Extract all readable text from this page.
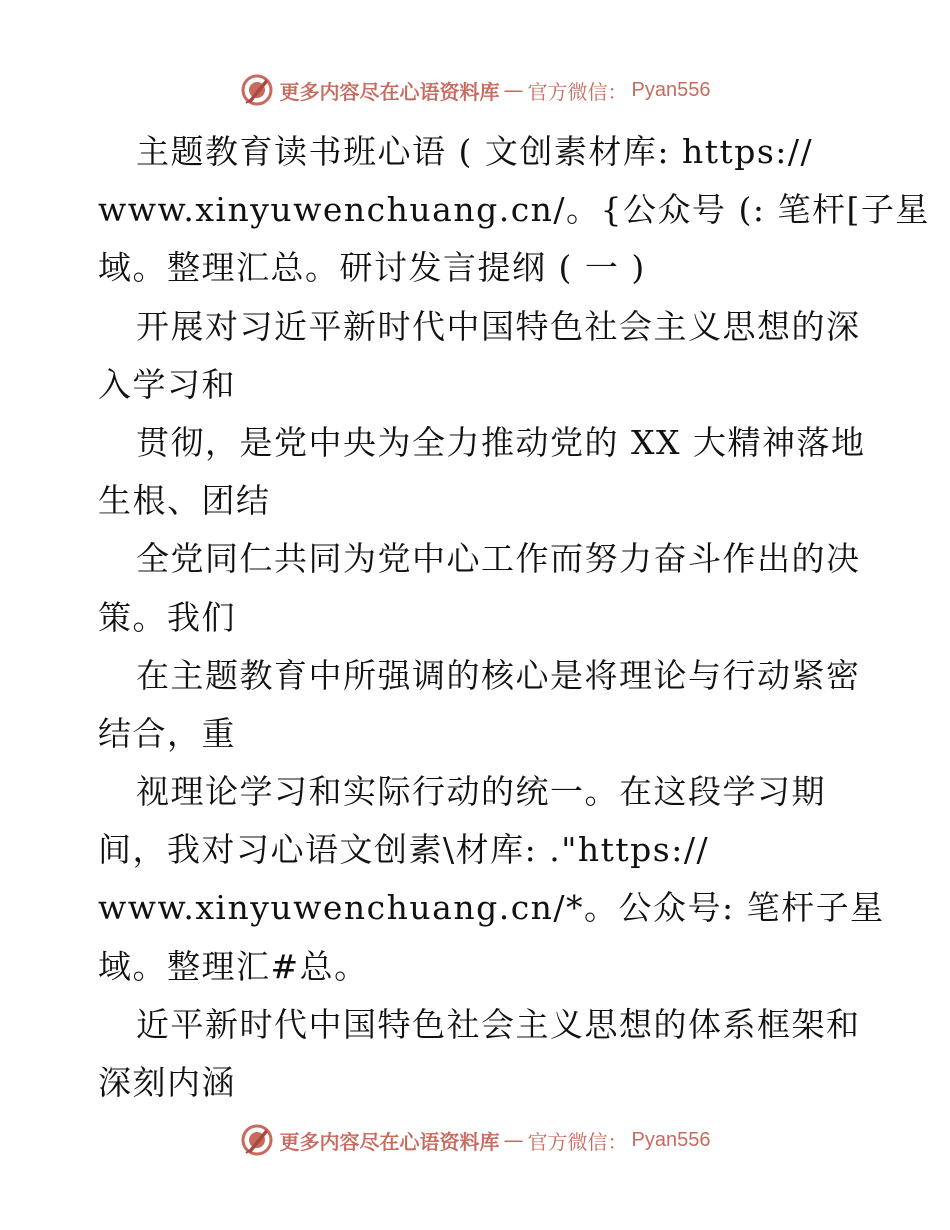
更多内容尽在心语资料库 — 官方微信： Pyan556
主题教育读书班心语 ( 文创素材库: https://
www.xinyuwenchuang.cn/。{公众号 (: 笔杆[子星
域。整理汇总。研讨发言提纲 ( 一 )
开展对习近平新时代中国特色社会主义思想的深
入学习和
贯彻，是党中央为全力推动党的 XX 大精神落地
生根、团结
全党同仁共同为党中心工作而努力奋斗作出的决
策。我们
在主题教育中所强调的核心是将理论与行动紧密
结合，重
视理论学习和实际行动的统一。在这段学习期
间，我对习心语文创素\材库: ."https://
www.xinyuwenchuang.cn/*。公众号: 笔杆子星
域。整理汇#总。
近平新时代中国特色社会主义思想的体系框架和
深刻内涵
更多内容尽在心语资料库 — 官方微信： Pyan556
